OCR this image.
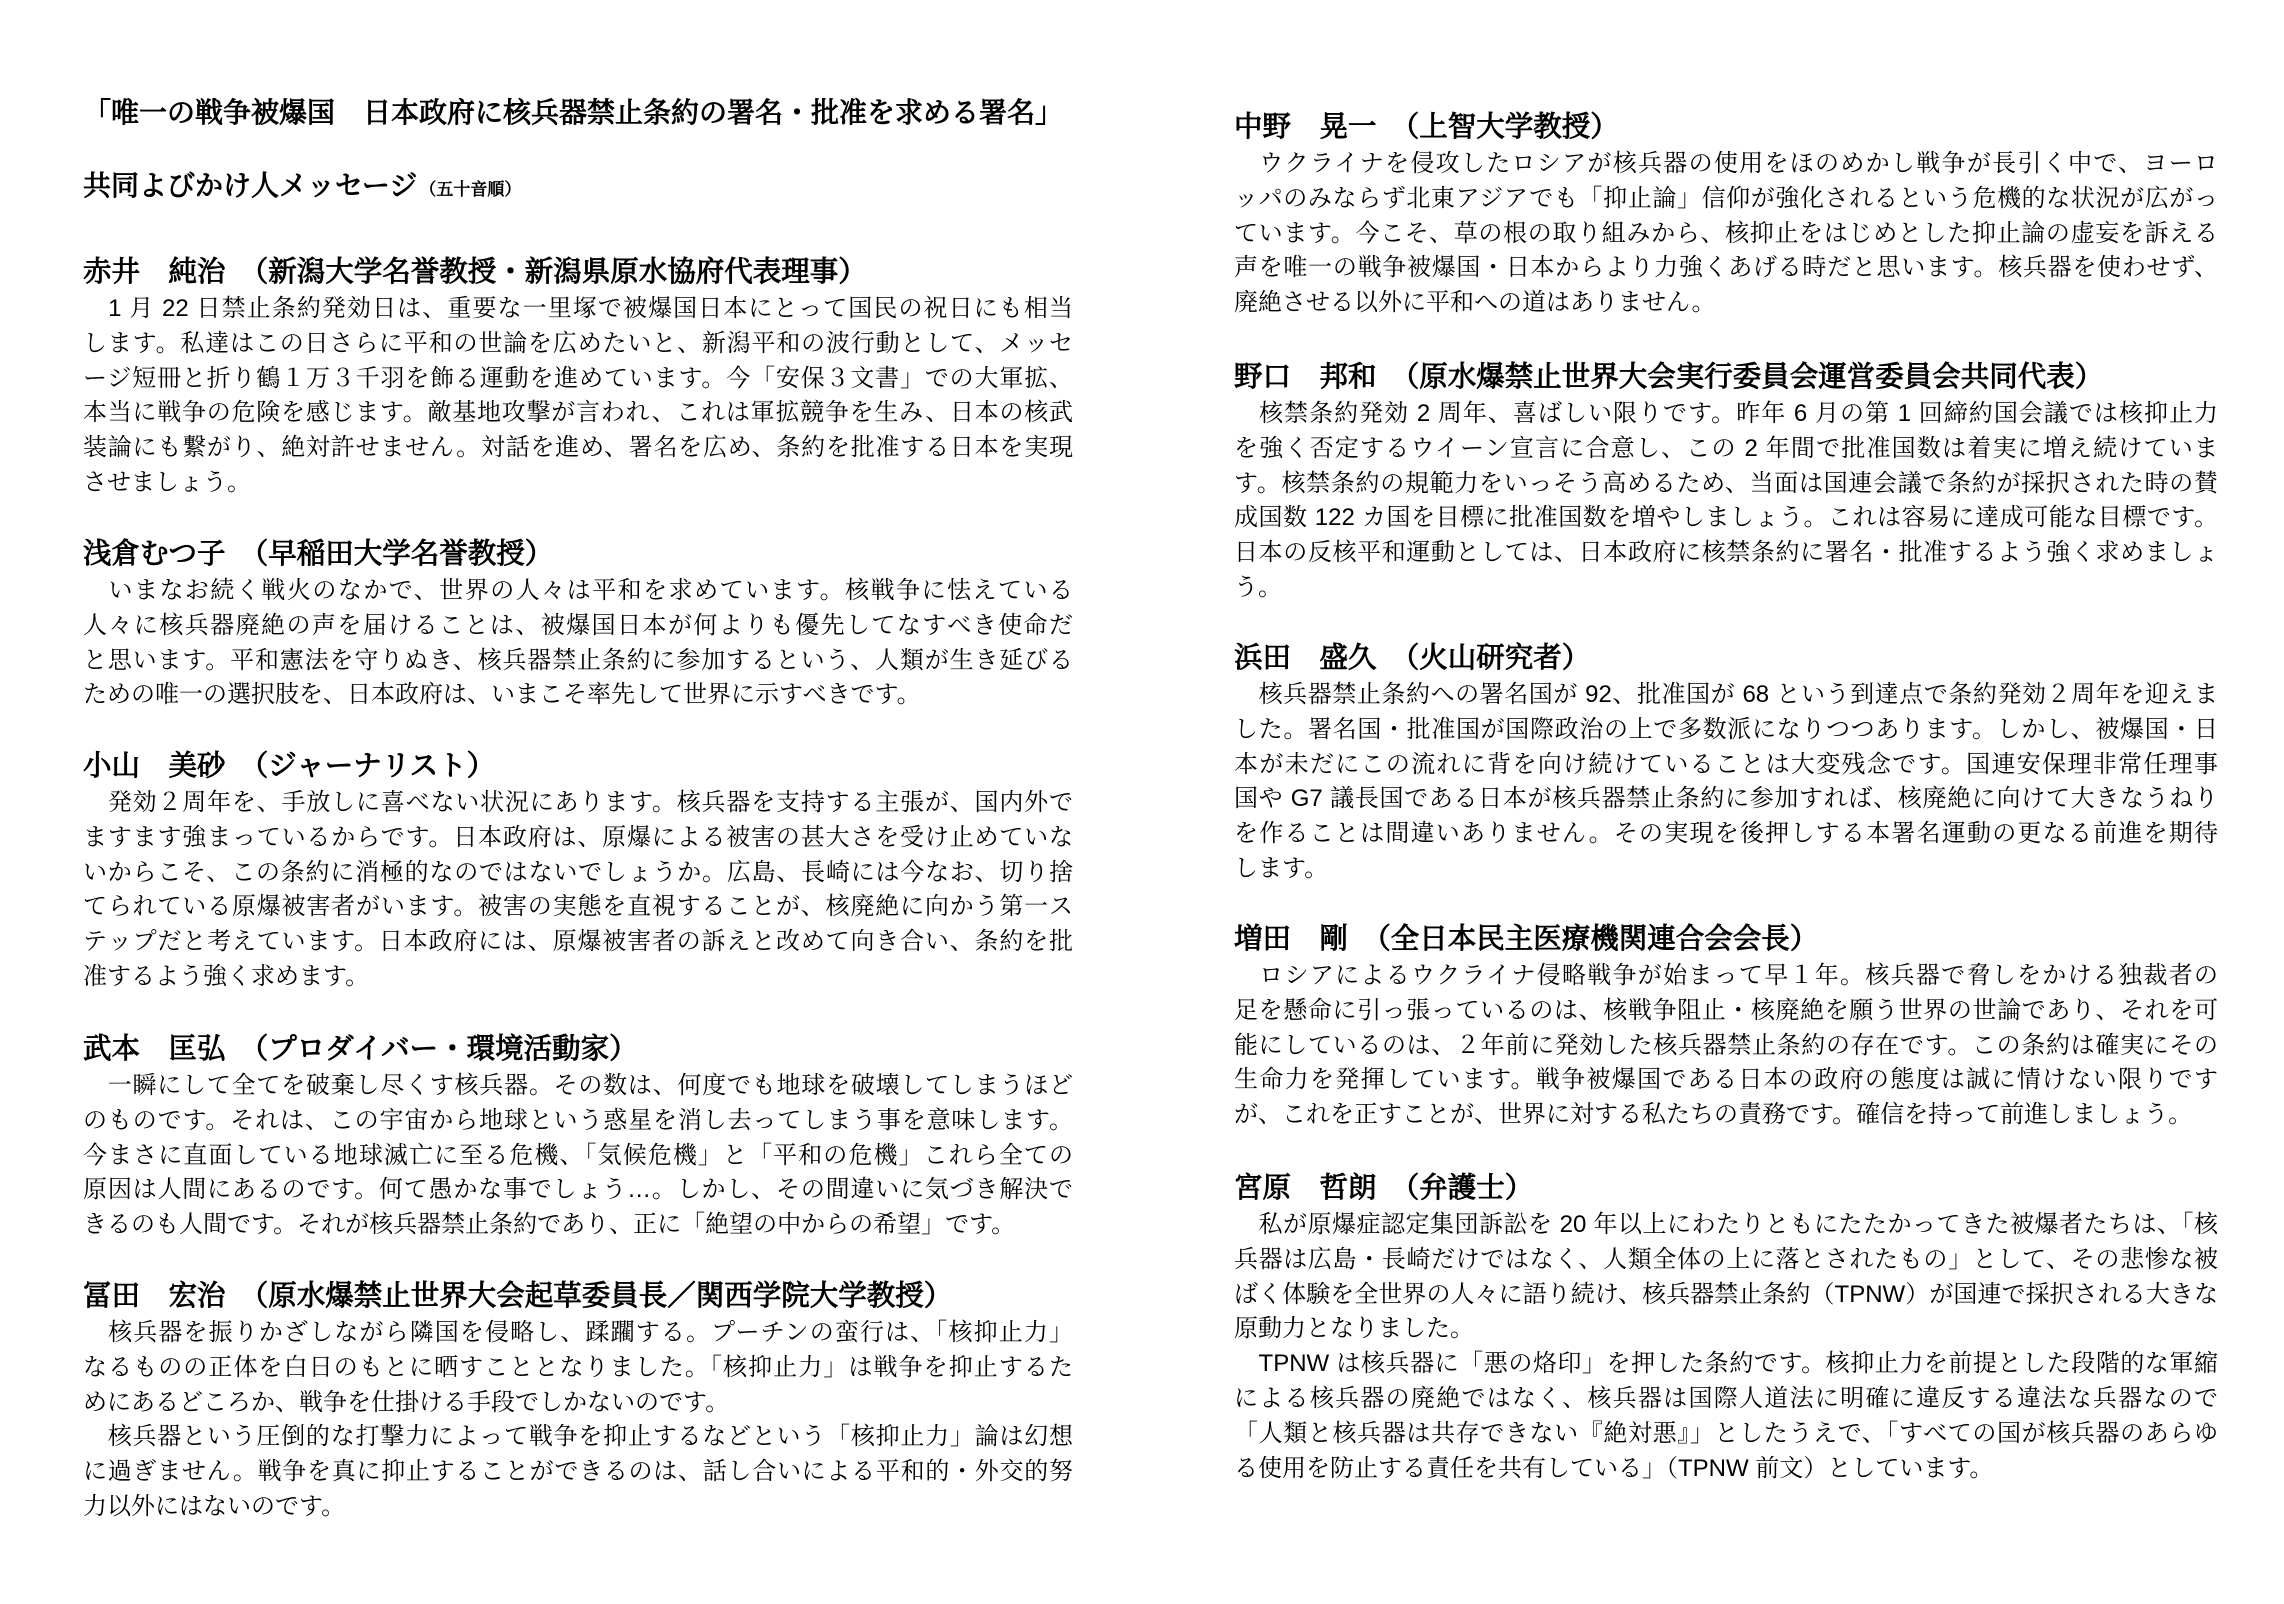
「唯一の戦争被爆国　日本政府に核兵器禁止条約の署名・批准を求める署名」
共同よびかけ人メッセージ （五十音順）
赤井　純治 （新潟大学名誉教授・新潟県原水協府代表理事）
　1 月 22 日禁止条約発効日は、重要な一里塚で被爆国日本にとって国民の祝日にも相当
します。私達はこの日さらに平和の世論を広めたいと、新潟平和の波行動として、メッセ
ージ短冊と折り鶴１万３千羽を飾る運動を進めています。今「安保３文書」での大軍拡、
本当に戦争の危険を感じます。敵基地攻撃が言われ、これは軍拡競争を生み、日本の核武
装論にも繋がり、絶対許せません。対話を進め、署名を広め、条約を批准する日本を実現
させましょう。
浅倉むつ子 （早稲田大学名誉教授）
　いまなお続く戦火のなかで、世界の人々は平和を求めています。核戦争に怯えている
人々に核兵器廃絶の声を届けることは、被爆国日本が何よりも優先してなすべき使命だ
と思います。平和憲法を守りぬき、核兵器禁止条約に参加するという、人類が生き延びる
ための唯一の選択肢を、日本政府は、いまこそ率先して世界に示すべきです。
小山　美砂 （ジャーナリスト）
　発効２周年を、手放しに喜べない状況にあります。核兵器を支持する主張が、国内外で
ますます強まっているからです。日本政府は、原爆による被害の甚大さを受け止めていな
いからこそ、この条約に消極的なのではないでしょうか。広島、長崎には今なお、切り捨
てられている原爆被害者がいます。被害の実態を直視することが、核廃絶に向かう第一ス
テップだと考えています。日本政府には、原爆被害者の訴えと改めて向き合い、条約を批
准するよう強く求めます。
武本　匡弘 （プロダイバー・環境活動家）
　一瞬にして全てを破棄し尽くす核兵器。その数は、何度でも地球を破壊してしまうほど
のものです。それは、この宇宙から地球という惑星を消し去ってしまう事を意味します。
今まさに直面している地球滅亡に至る危機、「気候危機」と「平和の危機」これら全ての
原因は人間にあるのです。何て愚かな事でしょう…。しかし、その間違いに気づき解決で
きるのも人間です。それが核兵器禁止条約であり、正に「絶望の中からの希望」です。
冨田　宏治 （原水爆禁止世界大会起草委員長／関西学院大学教授）
　核兵器を振りかざしながら隣国を侵略し、蹂躙する。プーチンの蛮行は、「核抑止力」
なるものの正体を白日のもとに晒すこととなりました。「核抑止力」は戦争を抑止するた
めにあるどころか、戦争を仕掛ける手段でしかないのです。
　核兵器という圧倒的な打撃力によって戦争を抑止するなどという「核抑止力」論は幻想
に過ぎません。戦争を真に抑止することができるのは、話し合いによる平和的・外交的努
力以外にはないのです。
中野　晃一 （上智大学教授）
　ウクライナを侵攻したロシアが核兵器の使用をほのめかし戦争が長引く中で、ヨーロ
ッパのみならず北東アジアでも「抑止論」信仰が強化されるという危機的な状況が広がっ
ています。今こそ、草の根の取り組みから、核抑止をはじめとした抑止論の虚妄を訴える
声を唯一の戦争被爆国・日本からより力強くあげる時だと思います。核兵器を使わせず、
廃絶させる以外に平和への道はありません。
野口　邦和 （原水爆禁止世界大会実行委員会運営委員会共同代表）
　核禁条約発効 2 周年、喜ばしい限りです。昨年 6 月の第 1 回締約国会議では核抑止力
を強く否定するウイーン宣言に合意し、この 2 年間で批准国数は着実に増え続けていま
す。核禁条約の規範力をいっそう高めるため、当面は国連会議で条約が採択された時の賛
成国数 122 カ国を目標に批准国数を増やしましょう。これは容易に達成可能な目標です。
日本の反核平和運動としては、日本政府に核禁条約に署名・批准するよう強く求めましょ
う。
浜田　盛久 （火山研究者）
　核兵器禁止条約への署名国が 92、批准国が 68 という到達点で条約発効２周年を迎えま
した。署名国・批准国が国際政治の上で多数派になりつつあります。しかし、被爆国・日
本が未だにこの流れに背を向け続けていることは大変残念です。国連安保理非常任理事
国や G7 議長国である日本が核兵器禁止条約に参加すれば、核廃絶に向けて大きなうねり
を作ることは間違いありません。その実現を後押しする本署名運動の更なる前進を期待
します。
増田　剛 （全日本民主医療機関連合会会長）
　ロシアによるウクライナ侵略戦争が始まって早１年。核兵器で脅しをかける独裁者の
足を懸命に引っ張っているのは、核戦争阻止・核廃絶を願う世界の世論であり、それを可
能にしているのは、２年前に発効した核兵器禁止条約の存在です。この条約は確実にその
生命力を発揮しています。戦争被爆国である日本の政府の態度は誠に情けない限りです
が、これを正すことが、世界に対する私たちの責務です。確信を持って前進しましょう。
宮原　哲朗 （弁護士）
　私が原爆症認定集団訴訟を 20 年以上にわたりともにたたかってきた被爆者たちは、「核
兵器は広島・長崎だけではなく、人類全体の上に落とされたもの」として、その悲惨な被
ばく体験を全世界の人々に語り続け、核兵器禁止条約（TPNW）が国連で採択される大きな
原動力となりました。
　TPNW は核兵器に「悪の烙印」を押した条約です。核抑止力を前提とした段階的な軍縮
による核兵器の廃絶ではなく、核兵器は国際人道法に明確に違反する違法な兵器なので
「人類と核兵器は共存できない『絶対悪』」としたうえで、「すべての国が核兵器のあらゆ
る使用を防止する責任を共有している」（TPNW 前文）としています。
